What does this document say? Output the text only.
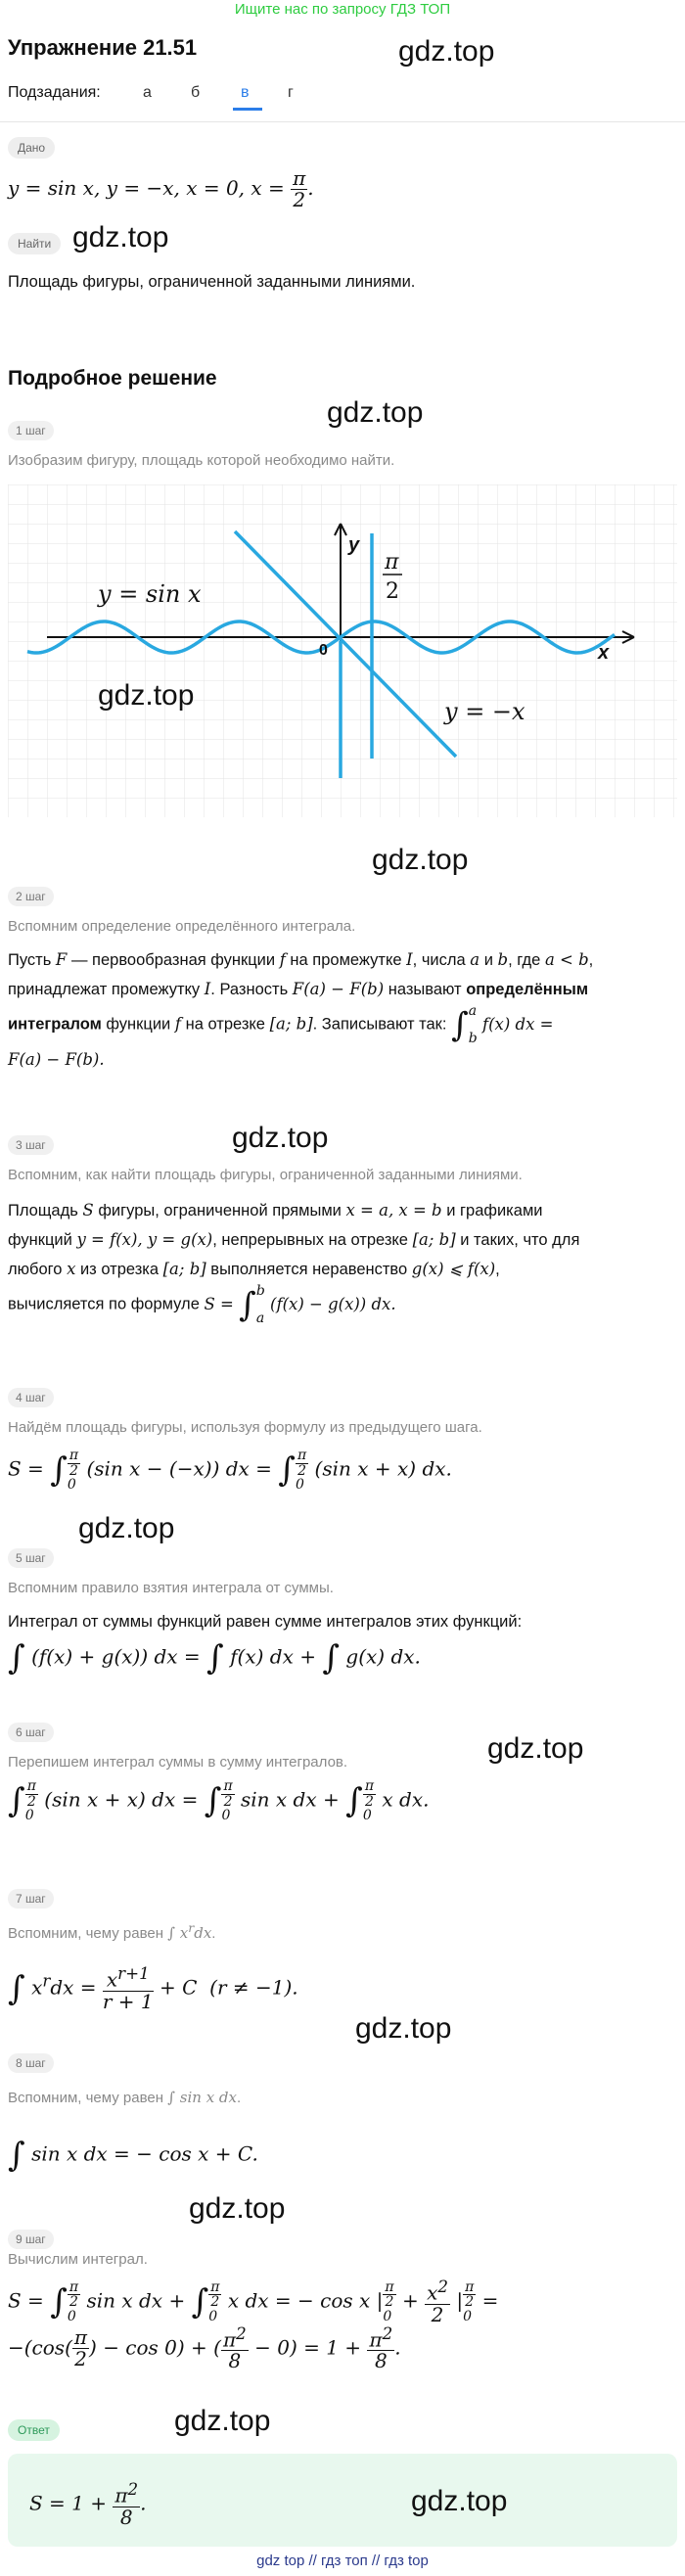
Ищите нас по запросу ГДЗ ТОП
Упражнение 21.51	gdz.top
Подзадания:	а	б	в г
Дано
y = sin x, y = −x, x = 0, $x = \frac{\pi}{2}$ .
Найти gdz.top
Площадь фигуры, ограниченной заданными линиями.
Подробное решение
gdz.top
1 шаг
Изобразим фигуру, площадь которой необходимо найти.
y = sin x
y = −x
y
x
0
π
2
gdz.top
gdz.top
2 шаг
Вспомним определение определённого интеграла.
Пусть F — первообразная функции f на промежутке I, числа a и b, где a < b,
принадлежат промежутку I. Разность F(a) − F(b) называют определённым
интегралом функции f на отрезке [a; b]. Записывают так: ∫a

b f(x) dx =
F(a) − F(b).
gdz.top
3 шаг
Вспомним, как найти площадь фигуры, ограниченной заданными линиями.
Площадь S фигуры, ограниченной прямыми x = a, x = b и графиками
функций y = f(x), y = g(x), непрерывных на отрезке [a; b] и таких, что для
любого x из отрезка [a; b] выполняется неравенство g(x) ⩽ f(x),
вычисляется по формуле S = ∫b

a (f(x) − g(x)) dx.
4 шаг
Найдём площадь фигуры, используя формулу из предыдущего шага.
S = ∫ $\frac{\pi}{2}$

0 (sin x − (−x)) dx = ∫ $\frac{\pi}{2}$

0 (sin x + x) dx.
gdz.top
5 шаг
Вспомним правило взятия интеграла от суммы.
Интеграл от суммы функций равен сумме интегралов этих функций:
∫ (f(x) + g(x)) dx = ∫ f(x) dx + ∫ g(x) dx.
6 шаг	gdz.top
Перепишем интеграл суммы в сумму интегралов.
∫ $\frac{\pi}{2}$

0 (sin x + x) dx = ∫ $\frac{\pi}{2}$

0 sin x dx + ∫ $\frac{\pi}{2}$

0 x dx.
7 шаг
Вспомним, чему равен ∫ $x^rdx$.
∫ $x^rdx = \frac{x^{r+1}}{r + 1} + C$  (r ≠ −1).
gdz.top
8 шаг
Вспомним, чему равен ∫ sin x dx.
∫ sin x dx = − cos x + C.
gdz.top
9 шаг
Вычислим интеграл.
S = ∫ $\frac{\pi}{2}$

0 sin x dx + ∫ $\frac{\pi}{2}$

0 x dx = − cos x | $\frac{\pi}{2}$

$0 + \frac{x^2}{2}$ | $\frac{\pi}{2}$

0 =
$-(\cos( \frac{\pi}{2}$ ) − cos 0) + ( $\frac{\pi^2}{8} - 0) = 1 + \frac{\pi^2}{8}$ .
Ответ	gdz.top
$S = 1 + \frac{\pi^2}{8}$ .	gdz.top
gdz top // гдз топ // гдз top
